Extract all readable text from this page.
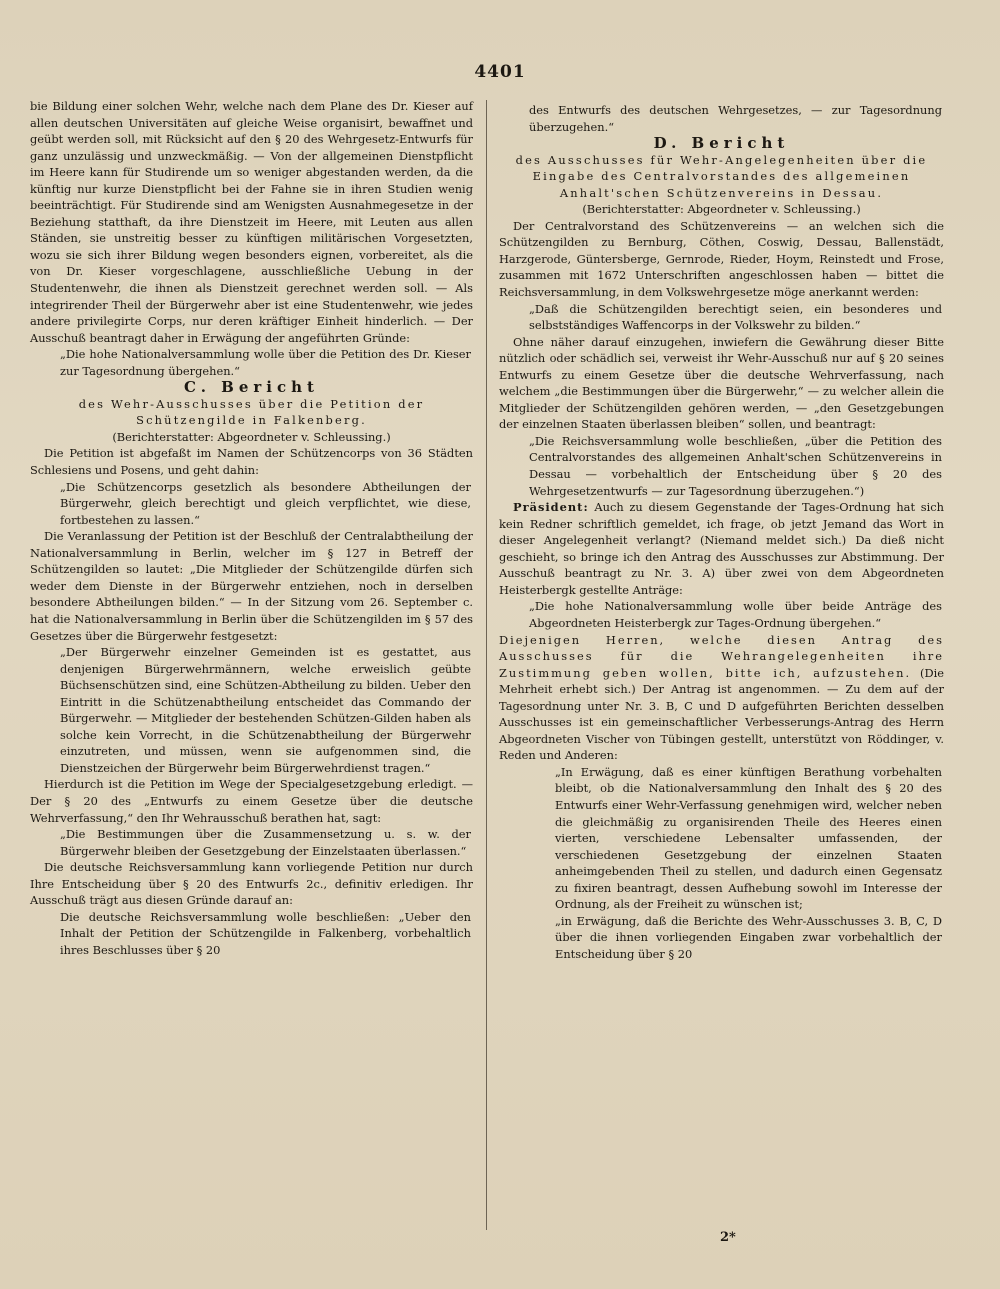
4401

bie Bildung einer solchen Wehr, welche nach dem Plane des Dr. Kieser auf allen deutschen Universitäten auf gleiche Weise organisirt, bewaffnet und geübt werden soll, mit Rücksicht auf den § 20 des Wehrgesetz-Entwurfs für ganz unzulässig und unzweckmäßig. — Von der allgemeinen Dienstpflicht im Heere kann für Studirende um so weniger abgestanden werden, da die künftig nur kurze Dienstpflicht bei der Fahne sie in ihren Studien wenig beeinträchtigt. Für Studirende sind am Wenigsten Ausnahmegesetze in der Beziehung statthaft, da ihre Dienstzeit im Heere, mit Leuten aus allen Ständen, sie unstreitig besser zu künftigen militärischen Vorgesetzten, wozu sie sich ihrer Bildung wegen besonders eignen, vorbereitet, als die von Dr. Kieser vorgeschlagene, ausschließliche Uebung in der Studentenwehr, die ihnen als Dienstzeit gerechnet werden soll. — Als integrirender Theil der Bürgerwehr aber ist eine Studentenwehr, wie jedes andere privilegirte Corps, nur deren kräftiger Einheit hinderlich. — Der Ausschuß beantragt daher in Erwägung der angeführten Gründe:

„Die hohe Nationalversammlung wolle über die Petition des Dr. Kieser zur Tagesordnung übergehen.“

C. Bericht

des Wehr-Ausschusses über die Petition der Schützengilde in Falkenberg.

(Berichterstatter: Abgeordneter v. Schleussing.)

Die Petition ist abgefaßt im Namen der Schützencorps von 36 Städten Schlesiens und Posens, und geht dahin:

„Die Schützencorps gesetzlich als besondere Abtheilungen der Bürgerwehr, gleich berechtigt und gleich verpflichtet, wie diese, fortbestehen zu lassen.“

Die Veranlassung der Petition ist der Beschluß der Centralabtheilung der Nationalversammlung in Berlin, welcher im § 127 in Betreff der Schützengilden so lautet: „Die Mitglieder der Schützengilde dürfen sich weder dem Dienste in der Bürgerwehr entziehen, noch in derselben besondere Abtheilungen bilden.“ — In der Sitzung vom 26. September c. hat die Nationalversammlung in Berlin über die Schützengilden im § 57 des Gesetzes über die Bürgerwehr festgesetzt:

„Der Bürgerwehr einzelner Gemeinden ist es gestattet, aus denjenigen Bürgerwehrmännern, welche erweislich geübte Büchsenschützen sind, eine Schützen-Abtheilung zu bilden. Ueber den Eintritt in die Schützenabtheilung entscheidet das Commando der Bürgerwehr. — Mitglieder der bestehenden Schützen-Gilden haben als solche kein Vorrecht, in die Schützenabtheilung der Bürgerwehr einzutreten, und müssen, wenn sie aufgenommen sind, die Dienstzeichen der Bürgerwehr beim Bürgerwehrdienst tragen.“

Hierdurch ist die Petition im Wege der Specialgesetzgebung erledigt. — Der § 20 des „Entwurfs zu einem Gesetze über die deutsche Wehrverfassung,“ den Ihr Wehrausschuß berathen hat, sagt:

„Die Bestimmungen über die Zusammensetzung u. s. w. der Bürgerwehr bleiben der Gesetzgebung der Einzelstaaten überlassen.“

Die deutsche Reichsversammlung kann vorliegende Petition nur durch Ihre Entscheidung über § 20 des Entwurfs 2c., definitiv erledigen. Ihr Ausschuß trägt aus diesen Gründe darauf an:

Die deutsche Reichsversammlung wolle beschließen: „Ueber den Inhalt der Petition der Schützengilde in Falkenberg, vorbehaltlich ihres Beschlusses über § 20

des Entwurfs des deutschen Wehrgesetzes, — zur Tagesordnung überzugehen.“

D. Bericht

des Ausschusses für Wehr-Angelegenheiten über die Eingabe des Centralvorstandes des allgemeinen Anhalt'schen Schützenvereins in Dessau.

(Berichterstatter: Abgeordneter v. Schleussing.)

Der Centralvorstand des Schützenvereins — an welchen sich die Schützengilden zu Bernburg, Cöthen, Coswig, Dessau, Ballenstädt, Harzgerode, Güntersberge, Gernrode, Rieder, Hoym, Reinstedt und Frose, zusammen mit 1672 Unterschriften angeschlossen haben — bittet die Reichsversammlung, in dem Volkswehrgesetze möge anerkannt werden:

„Daß die Schützengilden berechtigt seien, ein besonderes und selbstständiges Waffencorps in der Volkswehr zu bilden.“

Ohne näher darauf einzugehen, inwiefern die Gewährung dieser Bitte nützlich oder schädlich sei, verweist ihr Wehr-Ausschuß nur auf § 20 seines Entwurfs zu einem Gesetze über die deutsche Wehrverfassung, nach welchem „die Bestimmungen über die Bürgerwehr,“ — zu welcher allein die Mitglieder der Schützengilden gehören werden, — „den Gesetzgebungen der einzelnen Staaten überlassen bleiben“ sollen, und beantragt:

„Die Reichsversammlung wolle beschließen, „über die Petition des Centralvorstandes des allgemeinen Anhalt'schen Schützenvereins in Dessau — vorbehaltlich der Entscheidung über § 20 des Wehrgesetzentwurfs — zur Tagesordnung überzugehen.“)

Präsident: Auch zu diesem Gegenstande der Tages-Ordnung hat sich kein Redner schriftlich gemeldet, ich frage, ob jetzt Jemand das Wort in dieser Angelegenheit verlangt? (Niemand meldet sich.) Da dieß nicht geschieht, so bringe ich den Antrag des Ausschusses zur Abstimmung. Der Ausschuß beantragt zu Nr. 3. A) über zwei von dem Abgeordneten Heisterbergk gestellte Anträge:

„Die hohe Nationalversammlung wolle über beide Anträge des Abgeordneten Heisterbergk zur Tages-Ordnung übergehen.“

Diejenigen Herren, welche diesen Antrag des Ausschusses für die Wehrangelegenheiten ihre Zustimmung geben wollen, bitte ich, aufzustehen. (Die Mehrheit erhebt sich.) Der Antrag ist angenommen. — Zu dem auf der Tagesordnung unter Nr. 3. B, C und D aufgeführten Berichten desselben Ausschusses ist ein gemeinschaftlicher Verbesserungs-Antrag des Herrn Abgeordneten Vischer von Tübingen gestellt, unterstützt von Röddinger, v. Reden und Anderen:

„In Erwägung, daß es einer künftigen Berathung vorbehalten bleibt, ob die Nationalversammlung den Inhalt des § 20 des Entwurfs einer Wehr-Verfassung genehmigen wird, welcher neben die gleichmäßig zu organisirenden Theile des Heeres einen vierten, verschiedene Lebensalter umfassenden, der verschiedenen Gesetzgebung der einzelnen Staaten anheimgebenden Theil zu stellen, und dadurch einen Gegensatz zu fixiren beantragt, dessen Aufhebung sowohl im Interesse der Ordnung, als der Freiheit zu wünschen ist;

„in Erwägung, daß die Berichte des Wehr-Ausschusses 3. B, C, D über die ihnen vorliegenden Eingaben zwar vorbehaltlich der Entscheidung über § 20

2*
